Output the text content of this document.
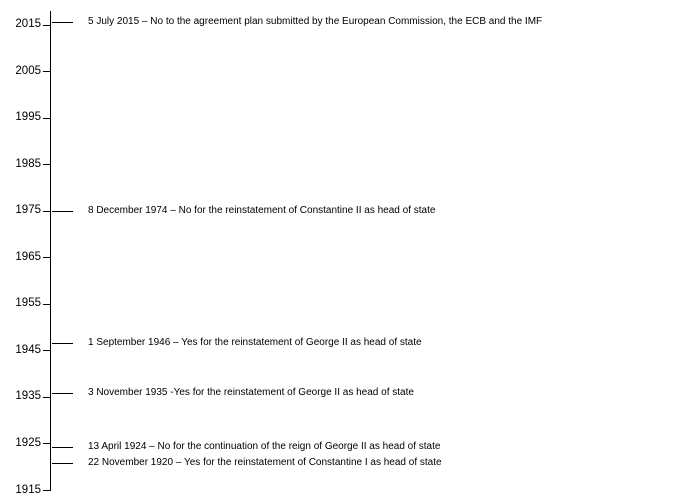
2015
2005
1995
1985
1975
1965
1955
1945
1935
1925
1915
5 July 2015 – No to the agreement plan submitted by the European Commission, the ECB and the IMF
8 December 1974 – No for the reinstatement of Constantine II as head of state
1 September 1946 – Yes for the reinstatement of George II as head of state
3 November 1935 -Yes for the reinstatement of George II as head of state
13 April 1924 – No for the continuation of the reign of George II as head of state
22 November 1920 – Yes for the reinstatement of Constantine I as head of state
